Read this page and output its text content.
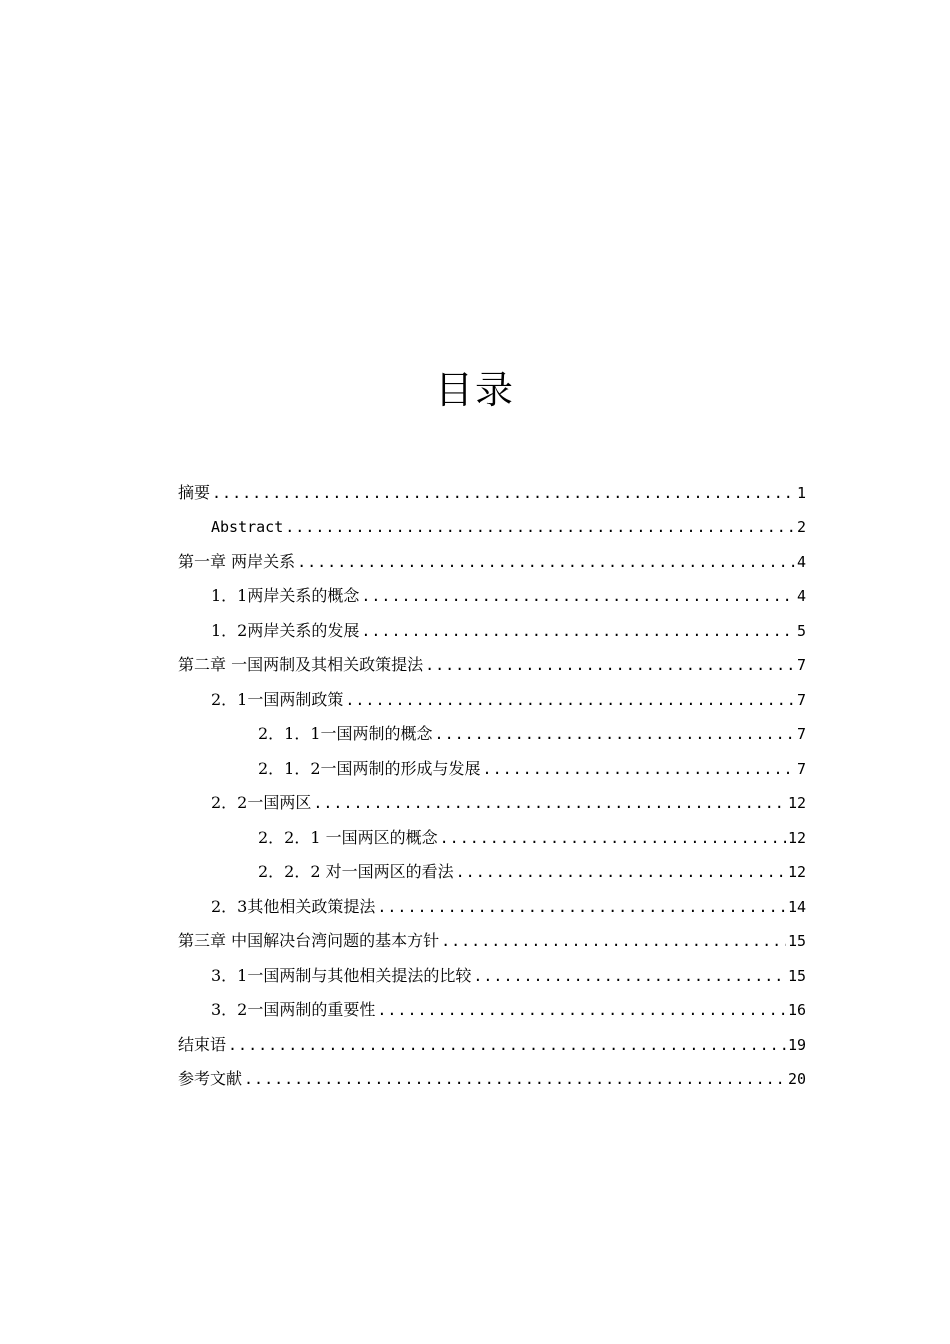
目录
摘要 .....	1
Abstract .....	2
第一章 两岸关系 .....	4
1．1两岸关系的概念 .....	4
1．2两岸关系的发展 .....	5
第二章 一国两制及其相关政策提法 .....	7
2．1一国两制政策 .....	7
2．1．1一国两制的概念 .....	7
2．1．2一国两制的形成与发展 .....	7
2．2一国两区 .....	12
2．2．1 一国两区的概念 .....	12
2．2．2 对一国两区的看法 .....	12
2．3其他相关政策提法 .....	14
第三章 中国解决台湾问题的基本方针 .....	15
3．1一国两制与其他相关提法的比较 .....	15
3．2一国两制的重要性 .....	16
结束语 .....	19
参考文献 .....	20
